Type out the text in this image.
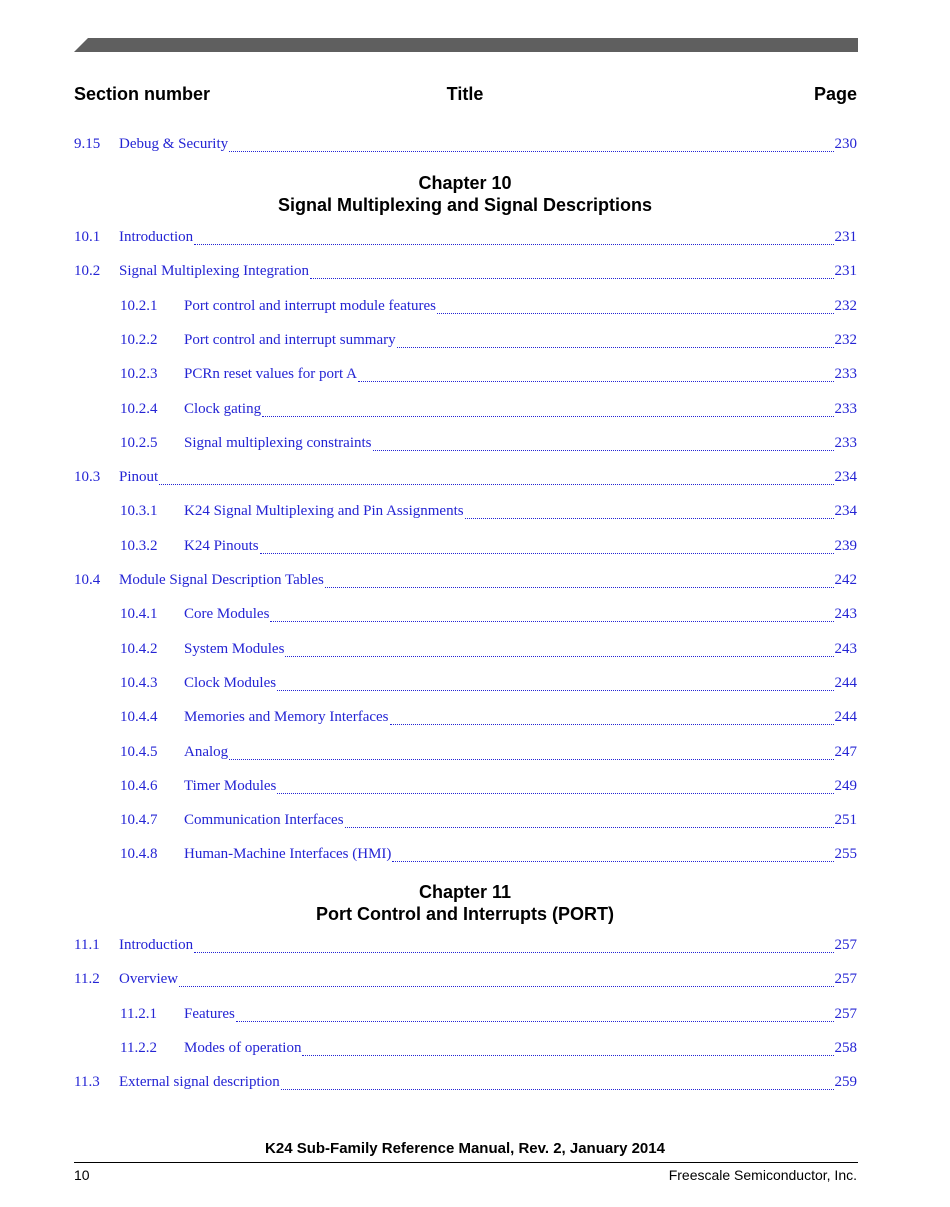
Section number	Title	Page
9.15	Debug & Security	230
Chapter 10
Signal Multiplexing and Signal Descriptions
10.1	Introduction	231
10.2	Signal Multiplexing Integration	231
10.2.1	Port control and interrupt module features	232
10.2.2	Port control and interrupt summary	232
10.2.3	PCRn reset values for port A	233
10.2.4	Clock gating	233
10.2.5	Signal multiplexing constraints	233
10.3	Pinout	234
10.3.1	K24 Signal Multiplexing and Pin Assignments	234
10.3.2	K24 Pinouts	239
10.4	Module Signal Description Tables	242
10.4.1	Core Modules	243
10.4.2	System Modules	243
10.4.3	Clock Modules	244
10.4.4	Memories and Memory Interfaces	244
10.4.5	Analog	247
10.4.6	Timer Modules	249
10.4.7	Communication Interfaces	251
10.4.8	Human-Machine Interfaces (HMI)	255
Chapter 11
Port Control and Interrupts (PORT)
11.1	Introduction	257
11.2	Overview	257
11.2.1	Features	257
11.2.2	Modes of operation	258
11.3	External signal description	259
K24 Sub-Family Reference Manual, Rev. 2, January 2014
10	Freescale Semiconductor, Inc.
